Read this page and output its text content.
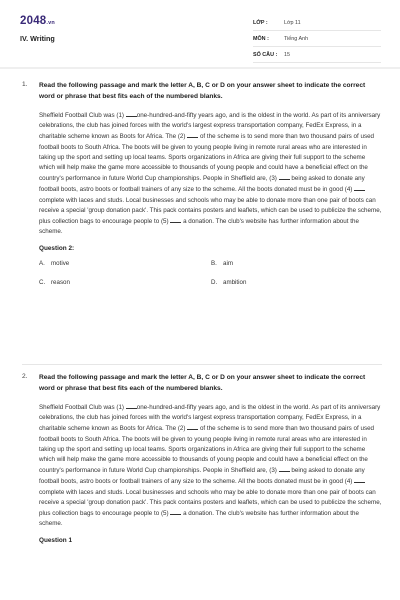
2048.vn
IV. Writing
LỚP :	Lớp 11
MÔN :	Tiếng Anh
SỐ CÂU :	15
1. Read the following passage and mark the letter A, B, C or D on your answer sheet to indicate the correct word or phrase that best fits each of the numbered blanks.
Sheffield Football Club was (1) one-hundred-and-fifty years ago, and is the oldest in the world. As part of its anniversary celebrations, the club has joined forces with the world's largest express transportation company, FedEx Express, in a charitable scheme known as Boots for Africa. The (2)  of the scheme is to send more than two thousand pairs of used football boots to South Africa. The boots will be given to young people living in remote rural areas who are interested in taking up the sport and setting up local teams. Sports organizations in Africa are giving their full support to the scheme which will help make the game more accessible to thousands of young people and could have a beneficial effect on the country's performance in future World Cup championships. People in Sheffield are, (3)  being asked to donate any football boots, astro boots or football trainers of any size to the scheme. All the boots donated must be in good (4)  complete with laces and studs. Local businesses and schools who may be able to donate more than one pair of boots can receive a special 'group donation pack'. This pack contains posters and leaflets, which can be used to publicize the scheme, plus collection bags to encourage people to (5)  a donation. The club's website has further information about the scheme.
Question 2:
A. motive	B. aim
C. reason	D. ambition
2. Read the following passage and mark the letter A, B, C or D on your answer sheet to indicate the correct word or phrase that best fits each of the numbered blanks.
Sheffield Football Club was (1) one-hundred-and-fifty years ago, and is the oldest in the world. As part of its anniversary celebrations, the club has joined forces with the world's largest express transportation company, FedEx Express, in a charitable scheme known as Boots for Africa. The (2)  of the scheme is to send more than two thousand pairs of used football boots to South Africa. The boots will be given to young people living in remote rural areas who are interested in taking up the sport and setting up local teams. Sports organizations in Africa are giving their full support to the scheme which will help make the game more accessible to thousands of young people and could have a beneficial effect on the country's performance in future World Cup championships. People in Sheffield are, (3)  being asked to donate any football boots, astro boots or football trainers of any size to the scheme. All the boots donated must be in good (4)  complete with laces and studs. Local businesses and schools who may be able to donate more than one pair of boots can receive a special 'group donation pack'. This pack contains posters and leaflets, which can be used to publicize the scheme, plus collection bags to encourage people to (5)  a donation. The club's website has further information about the scheme.
Question 1
